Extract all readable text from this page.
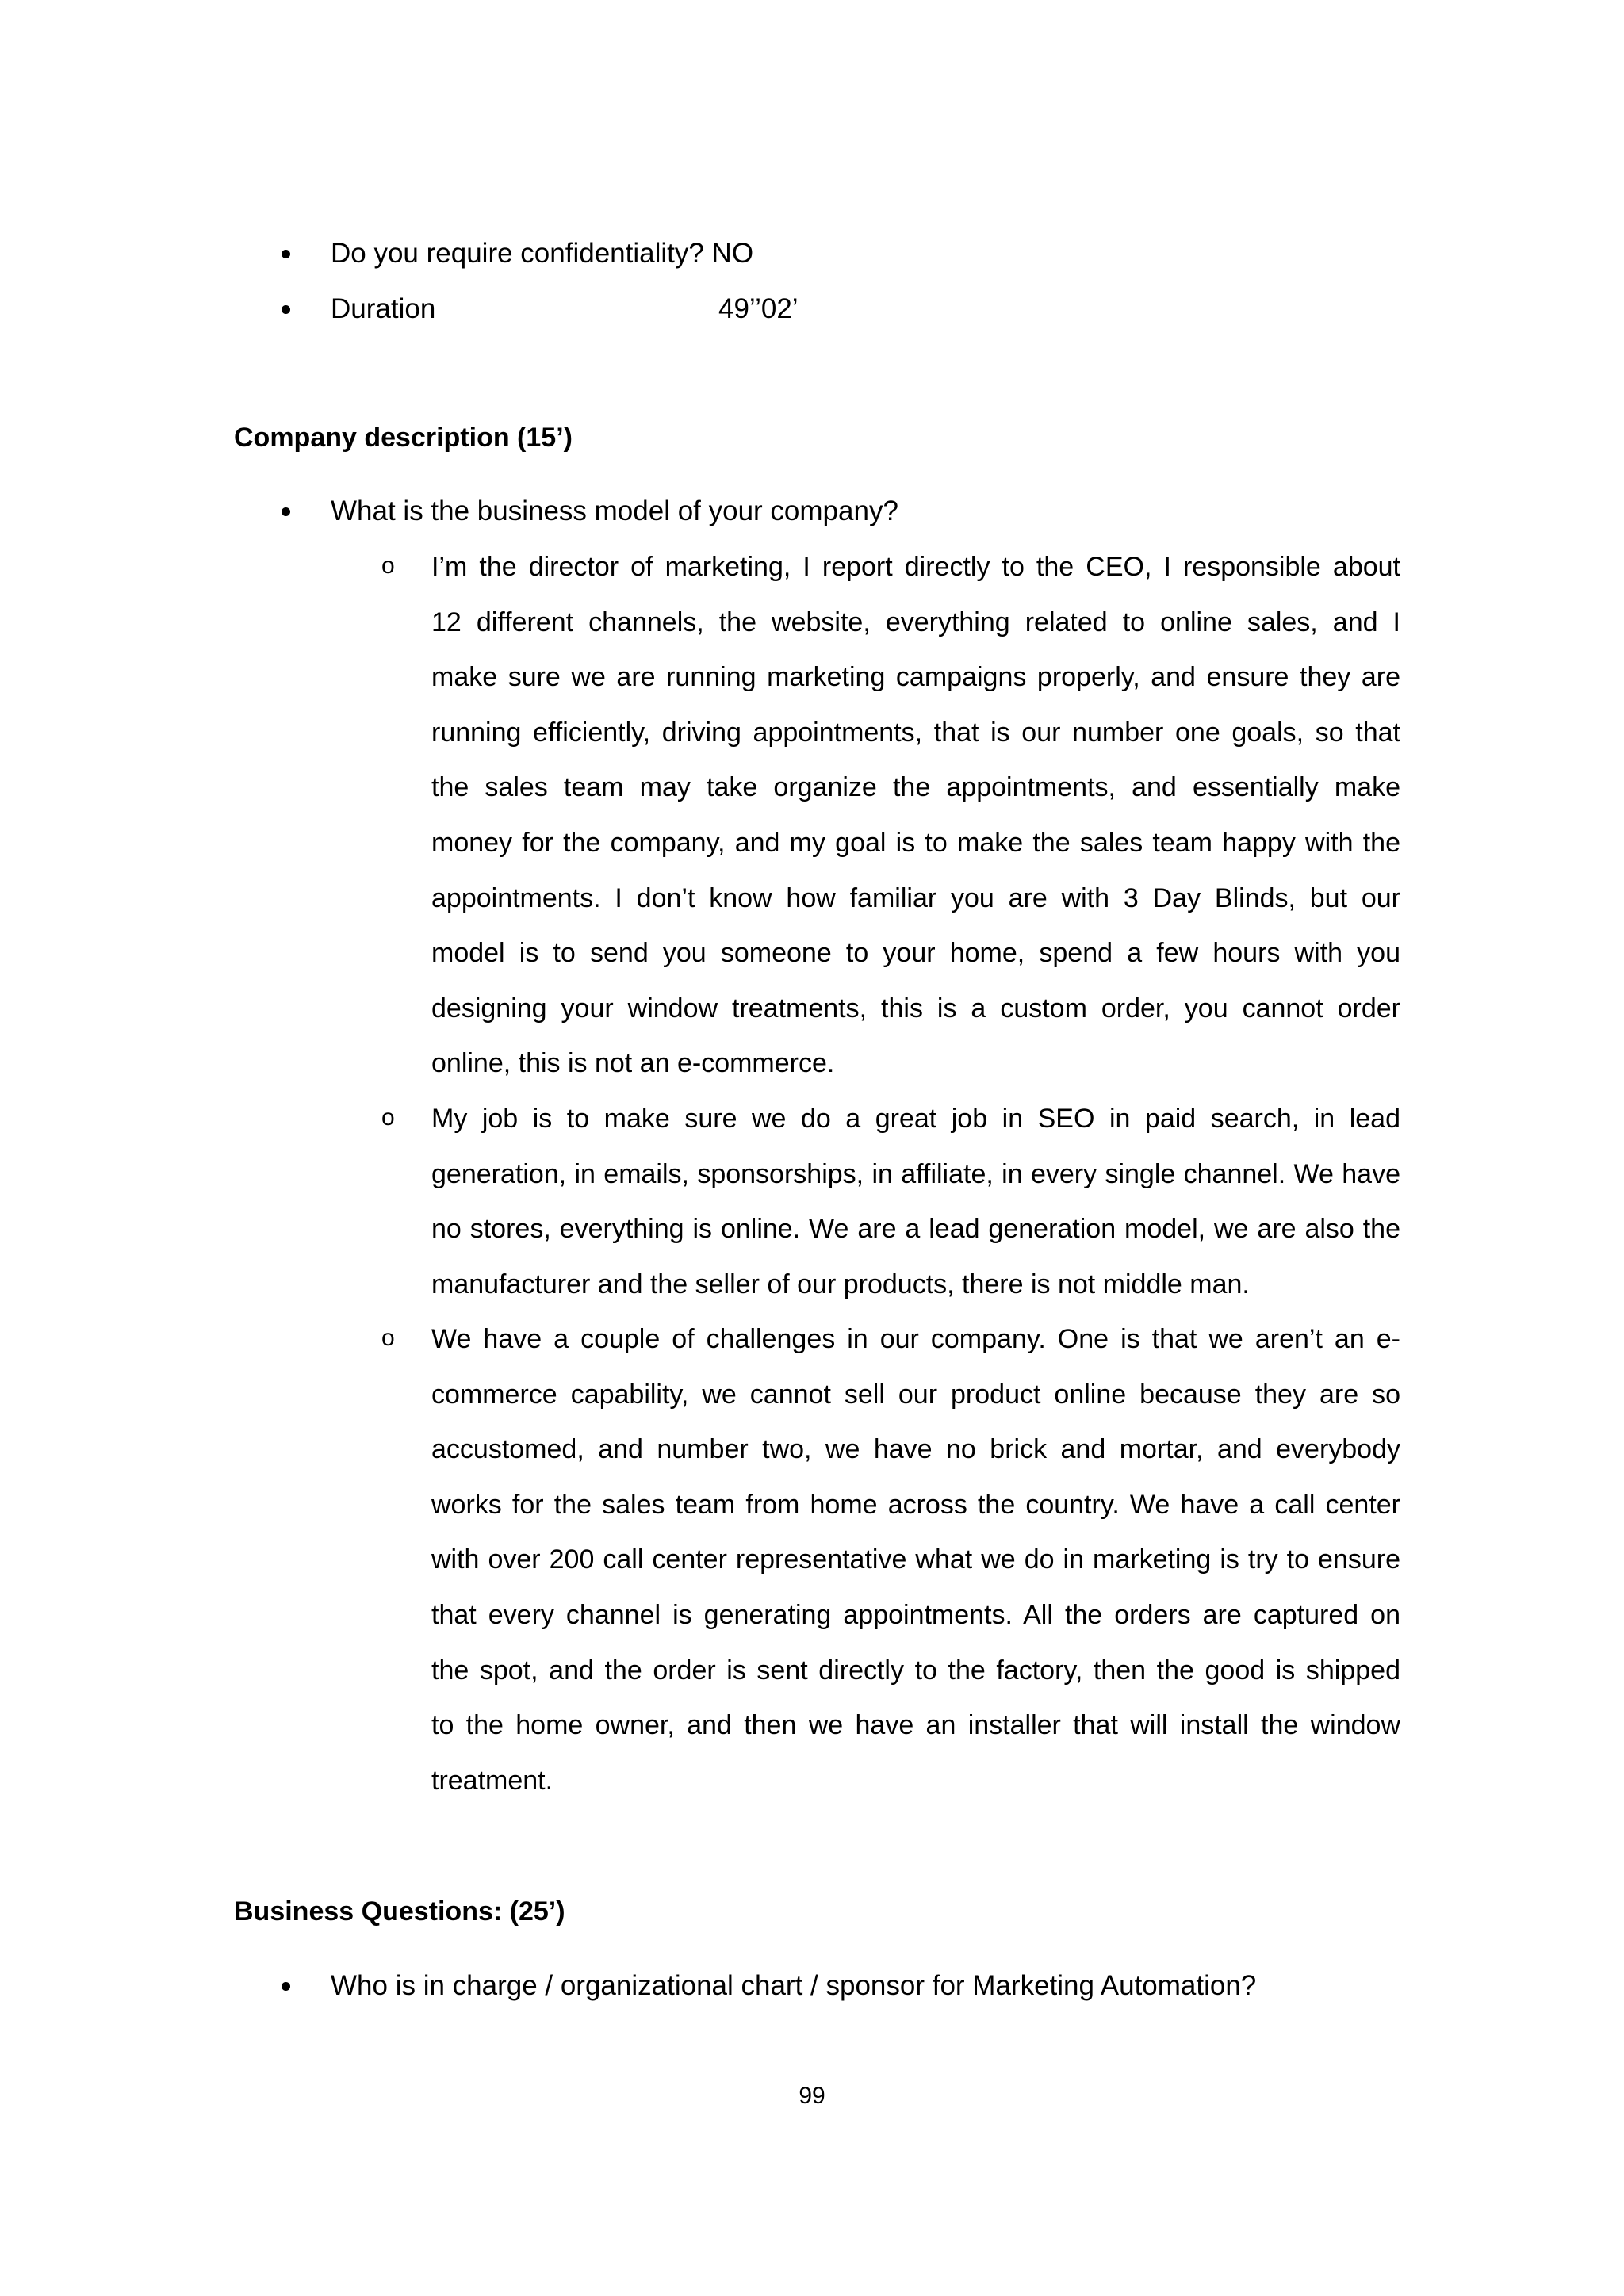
Do you require confidentiality? NO
Duration	49’’02’
Company description (15’)
What is the business model of your company?
o I’m the director of marketing, I report directly to the CEO, I responsible about
12 different channels, the website, everything related to online sales, and I
make sure we are running marketing campaigns properly, and ensure they are
running efficiently, driving appointments, that is our number one goals, so that
the sales team may take organize the appointments, and essentially make
money for the company, and my goal is to make the sales team happy with the
appointments. I don’t know how familiar you are with 3 Day Blinds, but our
model is to send you someone to your home, spend a few hours with you
designing your window treatments, this is a custom order, you cannot order
online, this is not an e-commerce.
o My job is to make sure we do a great job in SEO in paid search, in lead
generation, in emails, sponsorships, in affiliate, in every single channel. We have
no stores, everything is online. We are a lead generation model, we are also the
manufacturer and the seller of our products, there is not middle man.
o We have a couple of challenges in our company. One is that we aren’t an e-
commerce capability, we cannot sell our product online because they are so
accustomed, and number two, we have no brick and mortar, and everybody
works for the sales team from home across the country. We have a call center
with over 200 call center representative what we do in marketing is try to ensure
that every channel is generating appointments. All the orders are captured on
the spot, and the order is sent directly to the factory, then the good is shipped
to the home owner, and then we have an installer that will install the window
treatment.
Business Questions: (25’)
Who is in charge / organizational chart / sponsor for Marketing Automation?
99
